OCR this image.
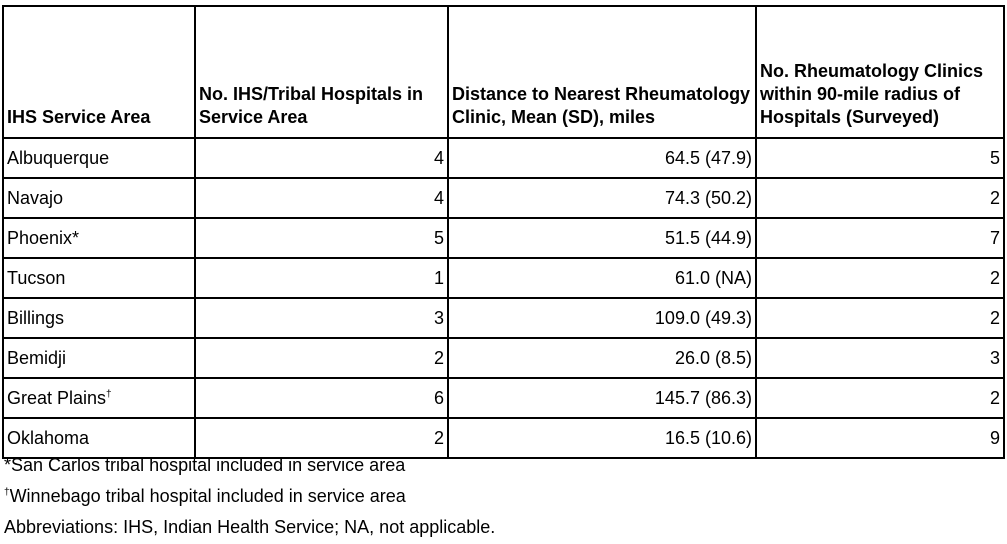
IHS Service Area	No. IHS/Tribal Hospitals in Service Area	Distance to Nearest Rheumatology Clinic, Mean (SD), miles	No. Rheumatology Clinics within 90-mile radius of Hospitals (Surveyed)
Albuquerque	4	64.5 (47.9)	5
Navajo	4	74.3 (50.2)	2
Phoenix*	5	51.5 (44.9)	7
Tucson	1	61.0 (NA)	2
Billings	3	109.0 (49.3)	2
Bemidji	2	26.0 (8.5)	3
Great Plains†	6	145.7 (86.3)	2
Oklahoma	2	16.5 (10.6)	9
*San Carlos tribal hospital included in service area
†Winnebago tribal hospital included in service area
Abbreviations: IHS, Indian Health Service; NA, not applicable.
